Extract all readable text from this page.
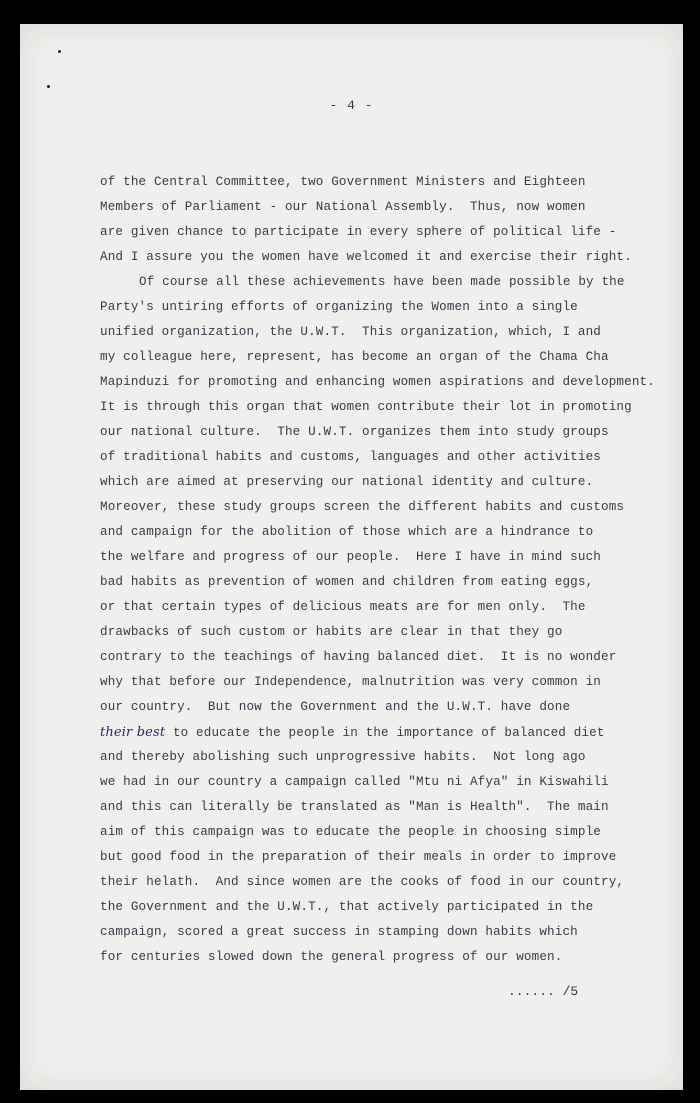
- 4 -
of the Central Committee, two Government Ministers and Eighteen
Members of Parliament - our National Assembly.  Thus, now women
are given chance to participate in every sphere of political life -
And I assure you the women have welcomed it and exercise their right.
Of course all these achievements have been made possible by the
Party's untiring efforts of organizing the Women into a single
unified organization, the U.W.T.  This organization, which, I and
my colleague here, represent, has become an organ of the Chama Cha
Mapinduzi for promoting and enhancing women aspirations and development.
It is through this organ that women contribute their lot in promoting
our national culture.  The U.W.T. organizes them into study groups
of traditional habits and customs, languages and other activities
which are aimed at preserving our national identity and culture.
Moreover, these study groups screen the different habits and customs
and campaign for the abolition of those which are a hindrance to
the welfare and progress of our people.  Here I have in mind such
bad habits as prevention of women and children from eating eggs,
or that certain types of delicious meats are for men only.  The
drawbacks of such custom or habits are clear in that they go
contrary to the teachings of having balanced diet.  It is no wonder
why that before our Independence, malnutrition was very common in
our country.  But now the Government and the U.W.T. have done
their best to educate the people in the importance of balanced diet
and thereby abolishing such unprogressive habits.  Not long ago
we had in our country a campaign called "Mtu ni Afya" in Kiswahili
and this can literally be translated as "Man is Health".  The main
aim of this campaign was to educate the people in choosing simple
but good food in the preparation of their meals in order to improve
their helath.  And since women are the cooks of food in our country,
the Government and the U.W.T., that actively participated in the
campaign, scored a great success in stamping down habits which
for centuries slowed down the general progress of our women.
...... /5
